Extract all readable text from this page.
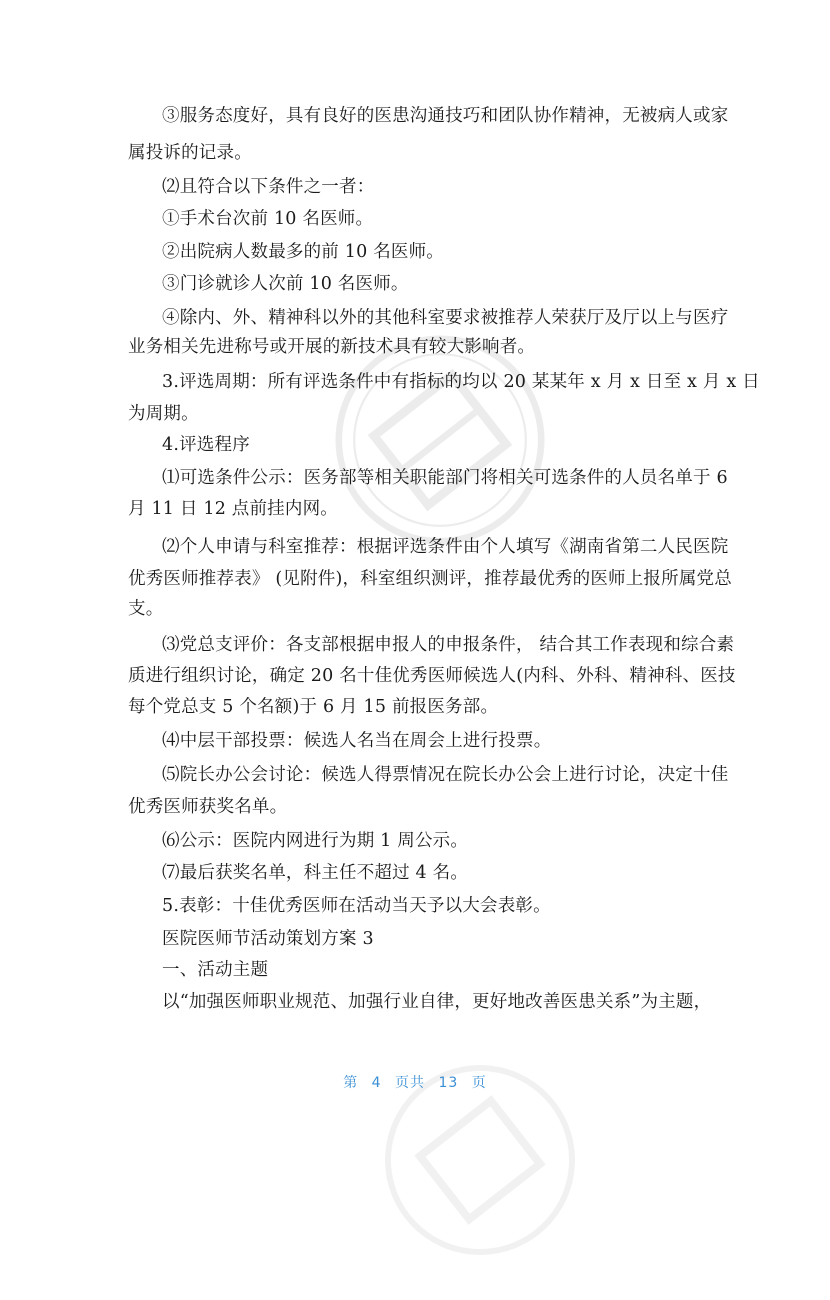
③服务态度好，具有良好的医患沟通技巧和团队协作精神，无被病人或家
属投诉的记录。
⑵且符合以下条件之一者：
①手术台次前 10 名医师。
②出院病人数最多的前 10 名医师。
③门诊就诊人次前 10 名医师。
④除内、外、精神科以外的其他科室要求被推荐人荣获厅及厅以上与医疗
业务相关先进称号或开展的新技术具有较大影响者。
3.评选周期：所有评选条件中有指标的均以 20 某某年 x 月 x 日至 x 月 x 日
为周期。
4.评选程序
⑴可选条件公示：医务部等相关职能部门将相关可选条件的人员名单于 6
月 11 日 12 点前挂内网。
⑵个人申请与科室推荐：根据评选条件由个人填写《湖南省第二人民医院
优秀医师推荐表》 (见附件)，科室组织测评，推荐最优秀的医师上报所属党总
支。
⑶党总支评价：各支部根据申报人的申报条件， 结合其工作表现和综合素
质进行组织讨论，确定 20 名十佳优秀医师候选人(内科、外科、精神科、医技
每个党总支 5 个名额)于 6 月 15 前报医务部。
⑷中层干部投票：候选人名当在周会上进行投票。
⑸院长办公会讨论：候选人得票情况在院长办公会上进行讨论，决定十佳
优秀医师获奖名单。
⑹公示：医院内网进行为期 1 周公示。
⑺最后获奖名单，科主任不超过 4 名。
5.表彰：十佳优秀医师在活动当天予以大会表彰。
医院医师节活动策划方案 3
一、活动主题
以“加强医师职业规范、加强行业自律，更好地改善医患关系”为主题，
第 4 页共 13 页
